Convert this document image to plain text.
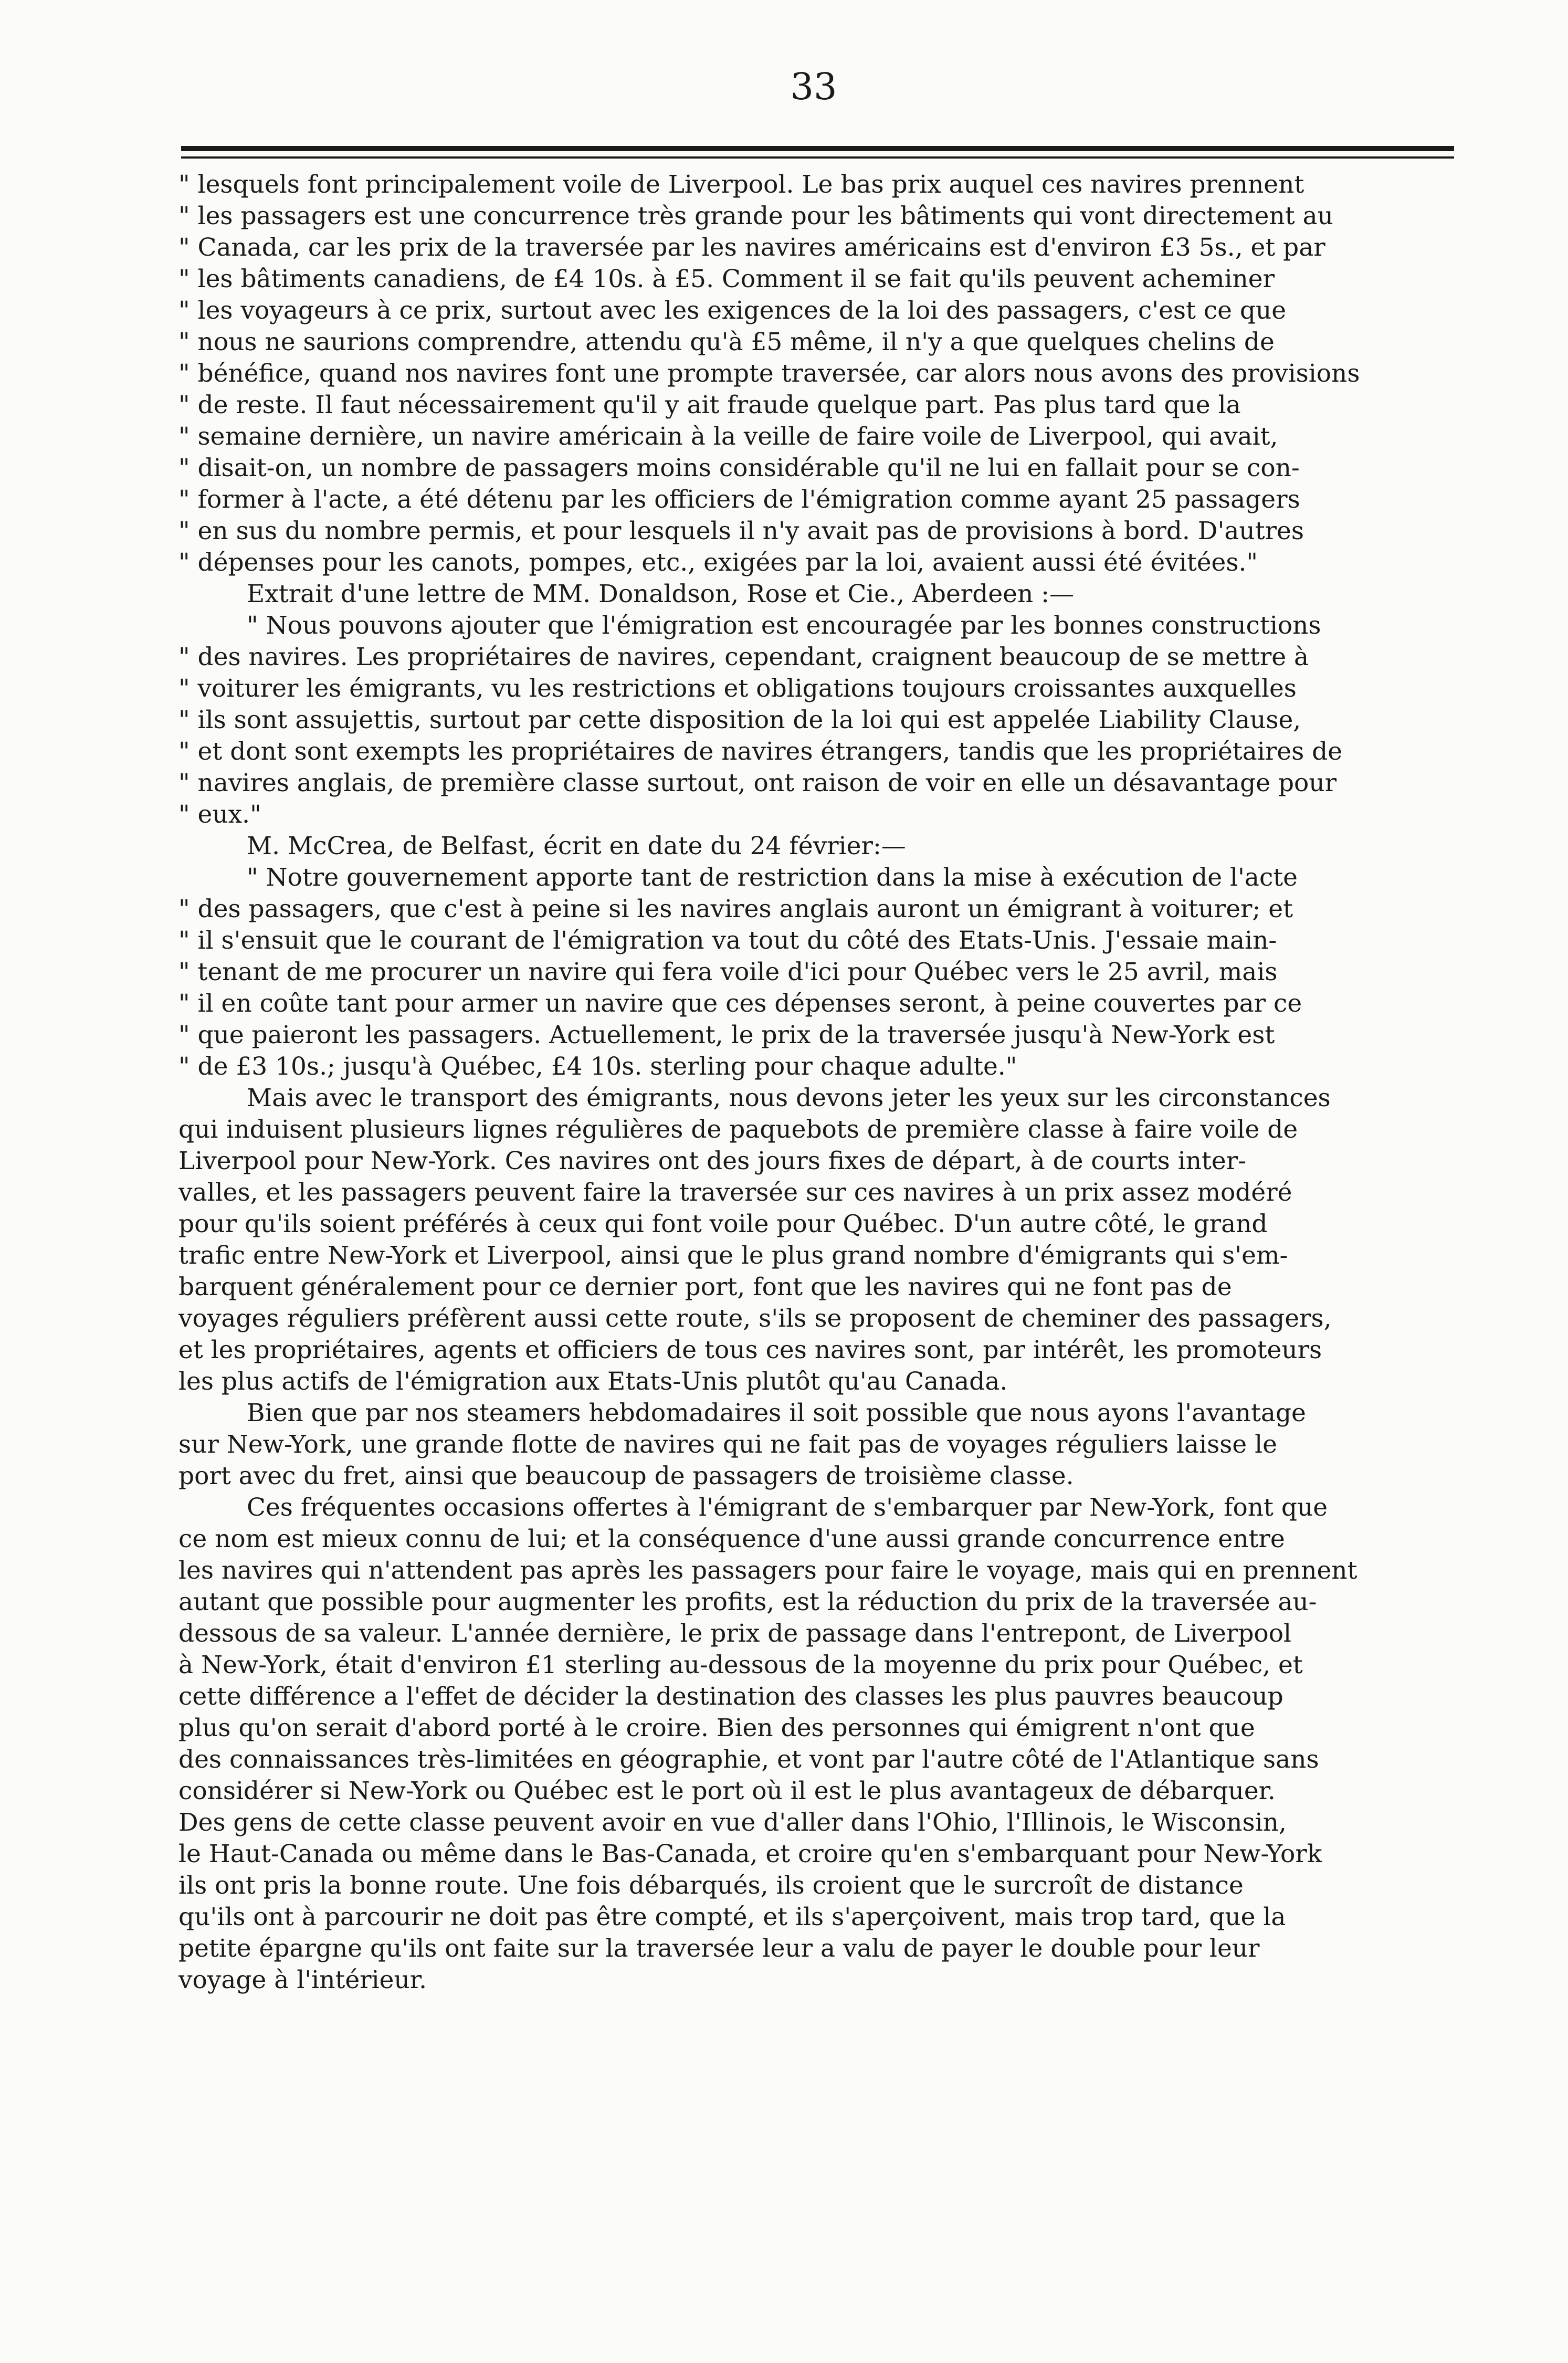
33
" lesquels font principalement voile de Liverpool. Le bas prix auquel ces navires prennent
" les passagers est une concurrence très grande pour les bâtiments qui vont directement au
" Canada, car les prix de la traversée par les navires américains est d'environ £3 5s., et par
" les bâtiments canadiens, de £4 10s. à £5. Comment il se fait qu'ils peuvent acheminer
" les voyageurs à ce prix, surtout avec les exigences de la loi des passagers, c'est ce que
" nous ne saurions comprendre, attendu qu'à £5 même, il n'y a que quelques chelins de
" bénéfice, quand nos navires font une prompte traversée, car alors nous avons des provisions
" de reste. Il faut nécessairement qu'il y ait fraude quelque part. Pas plus tard que la
" semaine dernière, un navire américain à la veille de faire voile de Liverpool, qui avait,
" disait-on, un nombre de passagers moins considérable qu'il ne lui en fallait pour se con-
" former à l'acte, a été détenu par les officiers de l'émigration comme ayant 25 passagers
" en sus du nombre permis, et pour lesquels il n'y avait pas de provisions à bord. D'autres
" dépenses pour les canots, pompes, etc., exigées par la loi, avaient aussi été évitées."
Extrait d'une lettre de MM. Donaldson, Rose et Cie., Aberdeen :—
" Nous pouvons ajouter que l'émigration est encouragée par les bonnes constructions
" des navires. Les propriétaires de navires, cependant, craignent beaucoup de se mettre à
" voiturer les émigrants, vu les restrictions et obligations toujours croissantes auxquelles
" ils sont assujettis, surtout par cette disposition de la loi qui est appelée Liability Clause,
" et dont sont exempts les propriétaires de navires étrangers, tandis que les propriétaires de
" navires anglais, de première classe surtout, ont raison de voir en elle un désavantage pour
" eux."
M. McCrea, de Belfast, écrit en date du 24 février:—
" Notre gouvernement apporte tant de restriction dans la mise à exécution de l'acte
" des passagers, que c'est à peine si les navires anglais auront un émigrant à voiturer; et
" il s'ensuit que le courant de l'émigration va tout du côté des Etats-Unis. J'essaie main-
" tenant de me procurer un navire qui fera voile d'ici pour Québec vers le 25 avril, mais
" il en coûte tant pour armer un navire que ces dépenses seront, à peine couvertes par ce
" que paieront les passagers. Actuellement, le prix de la traversée jusqu'à New-York est
" de £3 10s.; jusqu'à Québec, £4 10s. sterling pour chaque adulte."
Mais avec le transport des émigrants, nous devons jeter les yeux sur les circonstances
qui induisent plusieurs lignes régulières de paquebots de première classe à faire voile de
Liverpool pour New-York. Ces navires ont des jours fixes de départ, à de courts inter-
valles, et les passagers peuvent faire la traversée sur ces navires à un prix assez modéré
pour qu'ils soient préférés à ceux qui font voile pour Québec. D'un autre côté, le grand
trafic entre New-York et Liverpool, ainsi que le plus grand nombre d'émigrants qui s'em-
barquent généralement pour ce dernier port, font que les navires qui ne font pas de
voyages réguliers préfèrent aussi cette route, s'ils se proposent de cheminer des passagers,
et les propriétaires, agents et officiers de tous ces navires sont, par intérêt, les promoteurs
les plus actifs de l'émigration aux Etats-Unis plutôt qu'au Canada.
Bien que par nos steamers hebdomadaires il soit possible que nous ayons l'avantage
sur New-York, une grande flotte de navires qui ne fait pas de voyages réguliers laisse le
port avec du fret, ainsi que beaucoup de passagers de troisième classe.
Ces fréquentes occasions offertes à l'émigrant de s'embarquer par New-York, font que
ce nom est mieux connu de lui; et la conséquence d'une aussi grande concurrence entre
les navires qui n'attendent pas après les passagers pour faire le voyage, mais qui en prennent
autant que possible pour augmenter les profits, est la réduction du prix de la traversée au-
dessous de sa valeur. L'année dernière, le prix de passage dans l'entrepont, de Liverpool
à New-York, était d'environ £1 sterling au-dessous de la moyenne du prix pour Québec, et
cette différence a l'effet de décider la destination des classes les plus pauvres beaucoup
plus qu'on serait d'abord porté à le croire. Bien des personnes qui émigrent n'ont que
des connaissances très-limitées en géographie, et vont par l'autre côté de l'Atlantique sans
considérer si New-York ou Québec est le port où il est le plus avantageux de débarquer.
Des gens de cette classe peuvent avoir en vue d'aller dans l'Ohio, l'Illinois, le Wisconsin,
le Haut-Canada ou même dans le Bas-Canada, et croire qu'en s'embarquant pour New-York
ils ont pris la bonne route. Une fois débarqués, ils croient que le surcroît de distance
qu'ils ont à parcourir ne doit pas être compté, et ils s'aperçoivent, mais trop tard, que la
petite épargne qu'ils ont faite sur la traversée leur a valu de payer le double pour leur
voyage à l'intérieur.
